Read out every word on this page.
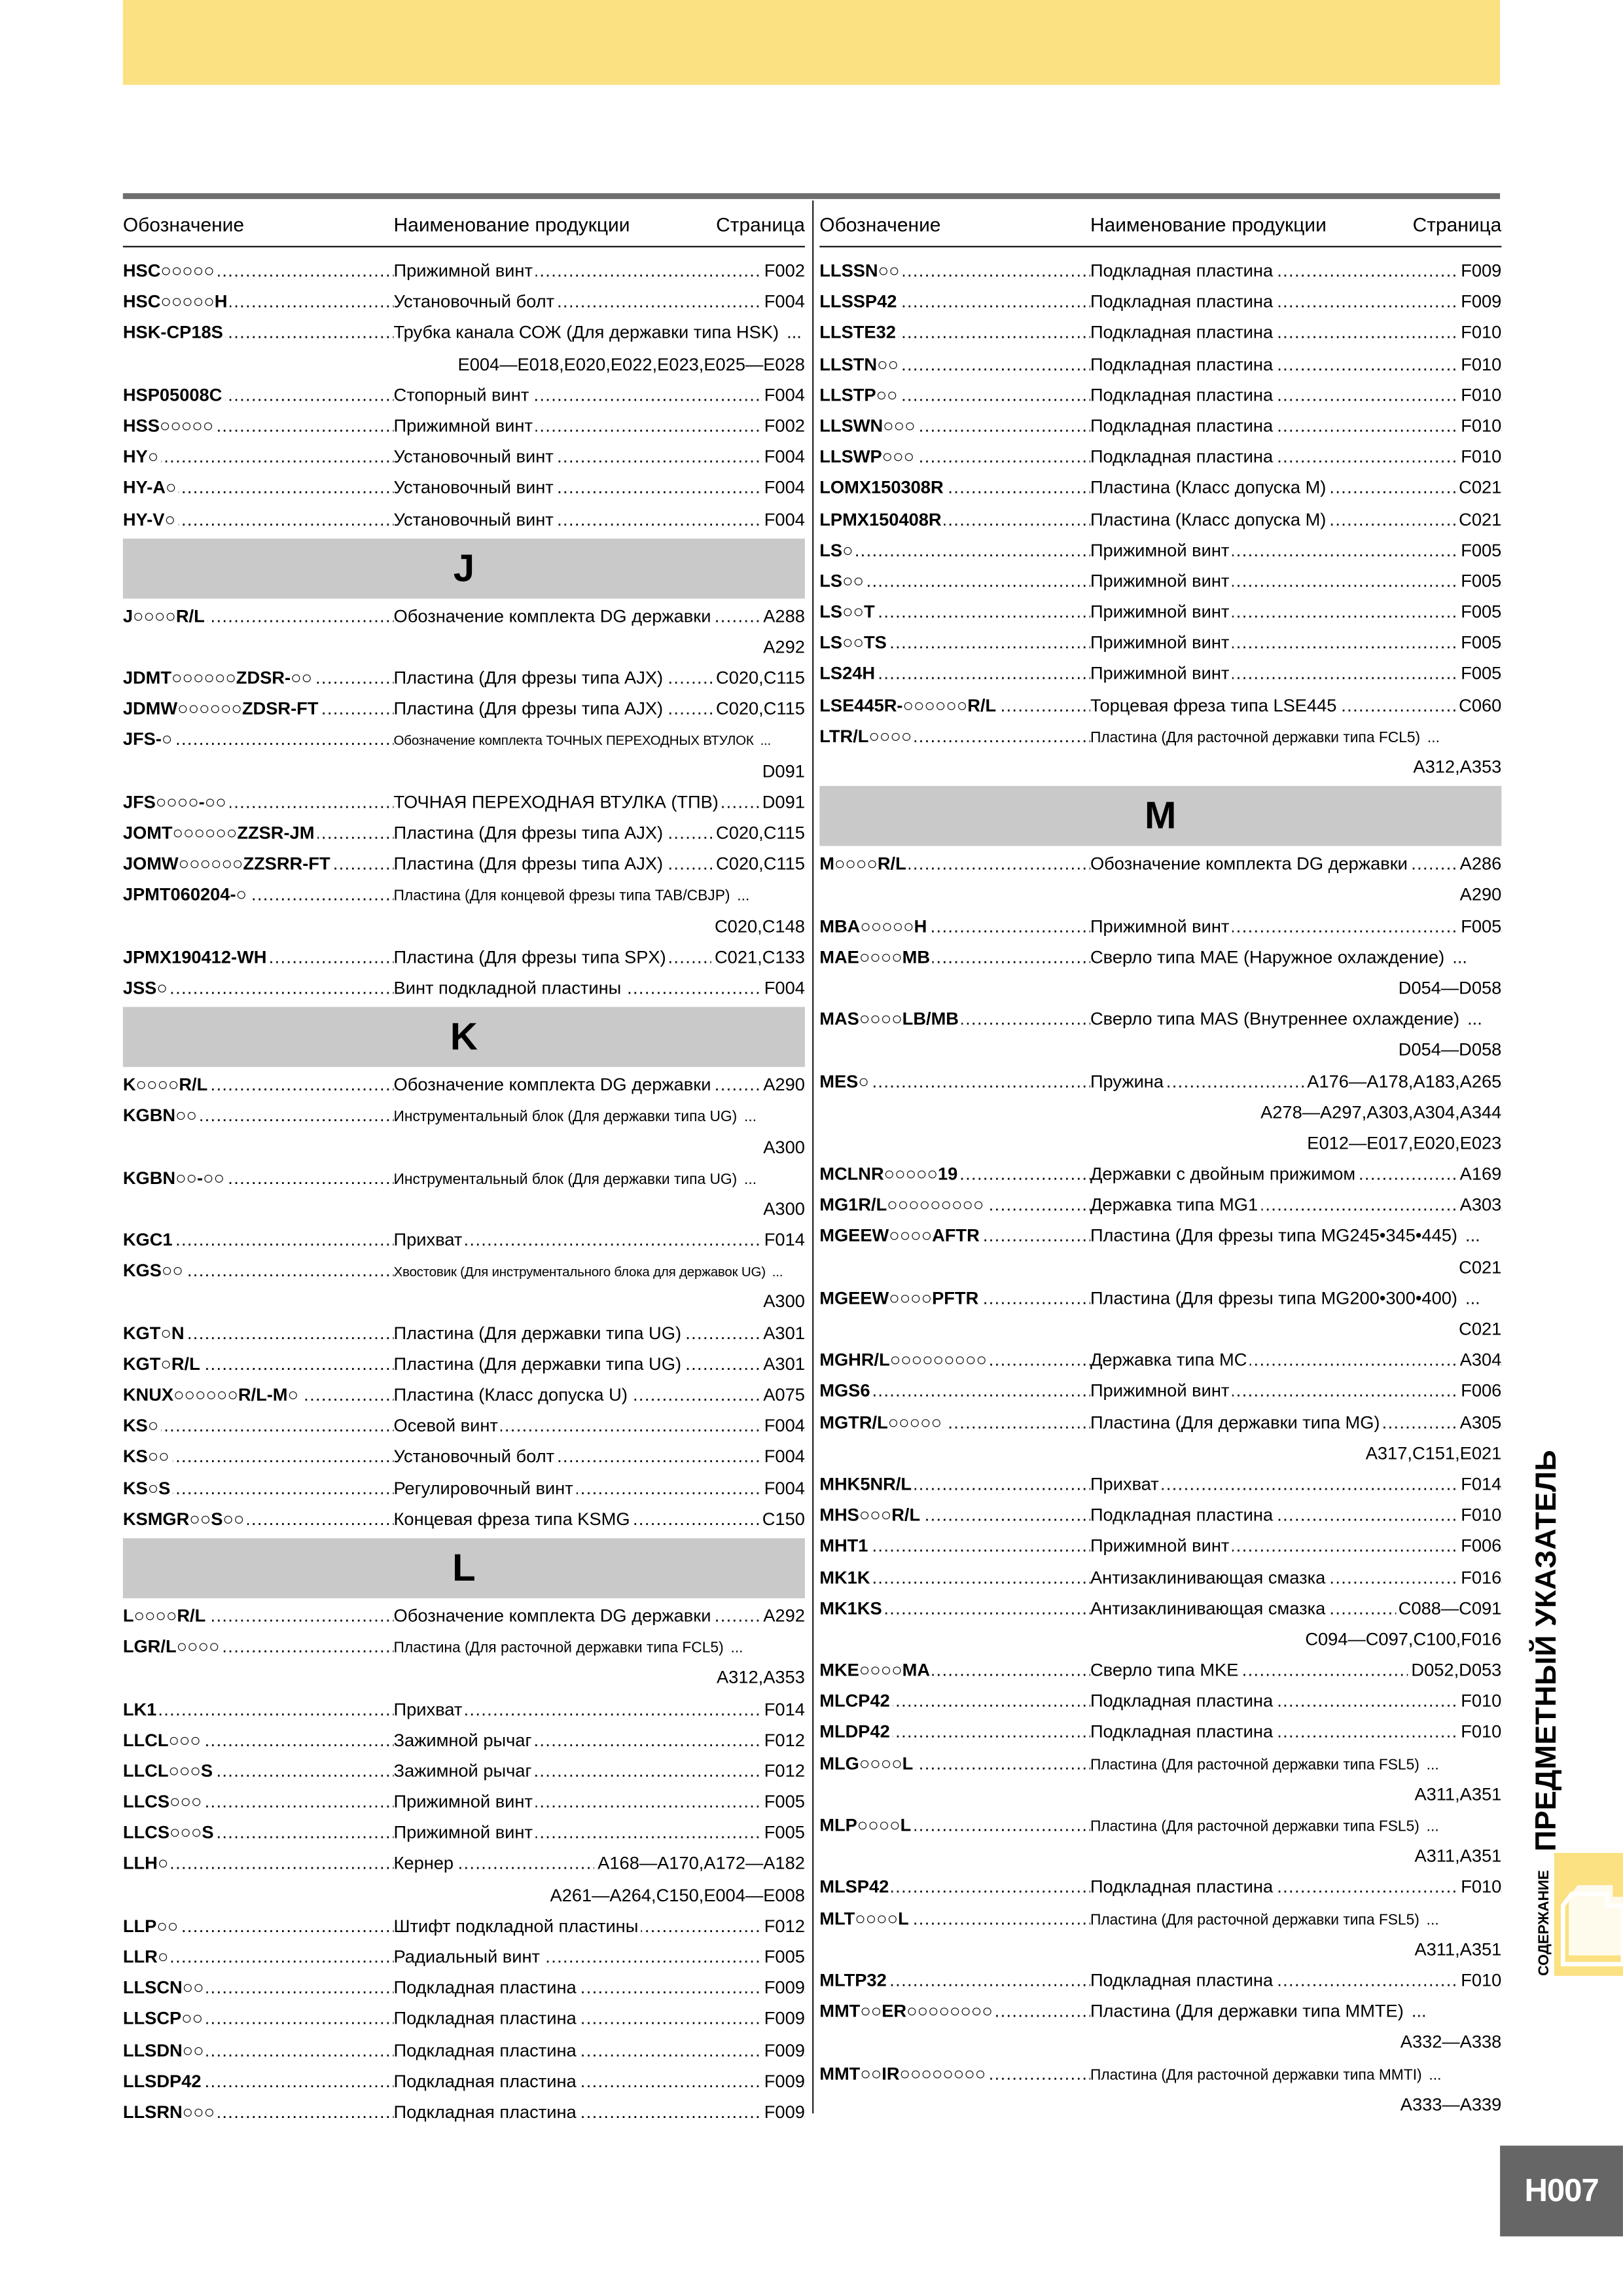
Обозначение	Наименование продукции	Страница
HSC○○○○○ .....	Прижимной винт	F002
.....
HSC○○○○○H .....	Установочный болт	F004
.....
HSK-CP18S .....	Трубка канала СОЖ (Для державки типа HSK) ...
E004—E018,E020,E022,E023,E025—E028
HSP05008C .....	Стопорный винт	F004
.....
HSS○○○○○ .....	Прижимной винт	F002
.....
HY○ .....	Установочный винт	F004
.....
HY-A○ .....	Установочный винт	F004
.....
HY-V○ .....	Установочный винт	F004
.....
J
J○○○○R/L .....	Обозначение комплекта DG державки	A288
.....
A292
JDMT○○○○○○ZDSR-○○ .....	Пластина (Для фрезы типа AJX)	C020,C115
.....
JDMW○○○○○○ZDSR-FT .....	Пластина (Для фрезы типа AJX)	C020,C115
.....
JFS-○ .....	Обозначение комплекта ТОЧНЫХ ПЕРЕХОДНЫХ ВТУЛОК ...
D091
JFS○○○○-○○ .....	ТОЧНАЯ ПЕРЕХОДНАЯ ВТУЛКА (ТПВ)	D091
.....
JOMT○○○○○○ZZSR-JM .....	Пластина (Для фрезы типа AJX)	C020,C115
.....
JOMW○○○○○○ZZSRR-FT .....	Пластина (Для фрезы типа AJX)	C020,C115
.....
JPMT060204-○ .....	Пластина (Для концевой фрезы типа TAB/CBJP) ...
C020,C148
JPMX190412-WH .....	Пластина (Для фрезы типа SPX)	C021,C133
.....
JSS○ .....	Винт подкладной пластины	F004
.....
K
K○○○○R/L .....	Обозначение комплекта DG державки	A290
.....
KGBN○○ .....	Инструментальный блок (Для державки типа UG) ...
A300
KGBN○○-○○ .....	Инструментальный блок (Для державки типа UG) ...
A300
KGC1 .....	Прихват	F014
.....
KGS○○ .....	Хвостовик (Для инструментального блока для державок UG) ...
A300
KGT○N .....	Пластина (Для державки типа UG)	A301
.....
KGT○R/L .....	Пластина (Для державки типа UG)	A301
.....
KNUX○○○○○○R/L-M○ .....	Пластина (Класс допуска U)	A075
.....
KS○ .....	Осевой винт	F004
.....
KS○○ .....	Установочный болт	F004
.....
KS○S .....	Регулировочный винт	F004
.....
KSMGR○○S○○ .....	Концевая фреза типа KSMG	C150
.....
L
L○○○○R/L .....	Обозначение комплекта DG державки	A292
.....
LGR/L○○○○ .....	Пластина (Для расточной державки типа FCL5) ...
A312,A353
LK1 .....	Прихват	F014
.....
LLCL○○○ .....	Зажимной рычаг	F012
.....
LLCL○○○S .....	Зажимной рычаг	F012
.....
LLCS○○○ .....	Прижимной винт	F005
.....
LLCS○○○S .....	Прижимной винт	F005
.....
LLH○ .....	Кернер	A168—A170,A172—A182
.....
A261—A264,C150,E004—E008
LLP○○ .....	Штифт подкладной пластины	F012
.....
LLR○ .....	Радиальный винт	F005
.....
LLSCN○○ .....	Подкладная пластина	F009
.....
LLSCP○○ .....	Подкладная пластина	F009
.....
LLSDN○○ .....	Подкладная пластина	F009
.....
LLSDP42 .....	Подкладная пластина	F009
.....
LLSRN○○○ .....	Подкладная пластина	F009
.....
Обозначение	Наименование продукции	Страница
LLSSN○○ .....	Подкладная пластина	F009
.....
LLSSP42 .....	Подкладная пластина	F009
.....
LLSTE32 .....	Подкладная пластина	F010
.....
LLSTN○○ .....	Подкладная пластина	F010
.....
LLSTP○○ .....	Подкладная пластина	F010
.....
LLSWN○○○ .....	Подкладная пластина	F010
.....
LLSWP○○○ .....	Подкладная пластина	F010
.....
LOMX150308R .....	Пластина (Класс допуска M)	C021
.....
LPMX150408R .....	Пластина (Класс допуска M)	C021
.....
LS○ .....	Прижимной винт	F005
.....
LS○○ .....	Прижимной винт	F005
.....
LS○○T .....	Прижимной винт	F005
.....
LS○○TS .....	Прижимной винт	F005
.....
LS24H .....	Прижимной винт	F005
.....
LSE445R-○○○○○○R/L .....	Торцевая фреза типа LSE445	C060
.....
LTR/L○○○○ .....	Пластина (Для расточной державки типа FCL5) ...
A312,A353
M
M○○○○R/L .....	Обозначение комплекта DG державки	A286
.....
A290
MBA○○○○○H .....	Прижимной винт	F005
.....
MAE○○○○MB .....	Сверло типа MAE (Наружное охлаждение) ...
D054—D058
MAS○○○○LB/MB .....	Сверло типа MAS (Внутреннее охлаждение) ...
D054—D058
MES○ .....	Пружина	A176—A178,A183,A265
.....
A278—A297,A303,A304,A344
E012—E017,E020,E023
MCLNR○○○○○19 .....	Державки с двойным прижимом	A169
.....
MG1R/L○○○○○○○○○ .....	Державка типа MG1	A303
.....
MGEEW○○○○AFTR .....	Пластина (Для фрезы типа MG245•345•445) ...
C021
MGEEW○○○○PFTR .....	Пластина (Для фрезы типа MG200•300•400) ...
C021
MGHR/L○○○○○○○○○ .....	Державка типа MC	A304
.....
MGS6 .....	Прижимной винт	F006
.....
MGTR/L○○○○○ .....	Пластина (Для державки типа MG)	A305
.....
A317,C151,E021
MHK5NR/L .....	Прихват	F014
.....
MHS○○○R/L .....	Подкладная пластина	F010
.....
MHT1 .....	Прижимной винт	F006
.....
MK1K .....	Антизаклинивающая смазка	F016
.....
MK1KS .....	Антизаклинивающая смазка	C088—C091
.....
C094—C097,C100,F016
MKE○○○○MA .....	Сверло типа MKE	D052,D053
.....
MLCP42 .....	Подкладная пластина	F010
.....
MLDP42 .....	Подкладная пластина	F010
.....
MLG○○○○L .....	Пластина (Для расточной державки типа FSL5) ...
A311,A351
MLP○○○○L .....	Пластина (Для расточной державки типа FSL5) ...
A311,A351
MLSP42 .....	Подкладная пластина	F010
.....
MLT○○○○L .....	Пластина (Для расточной державки типа FSL5) ...
A311,A351
MLTP32 .....	Подкладная пластина	F010
.....
MMT○○ER○○○○○○○○ .....	Пластина (Для державки типа MMTE) ...
A332—A338
MMT○○IR○○○○○○○○ .....	Пластина (Для расточной державки типа MMTI) ...
A333—A339
ПРЕДМЕТНЫЙ УКАЗАТЕЛЬ
СОДЕРЖАНИЕ
H007
